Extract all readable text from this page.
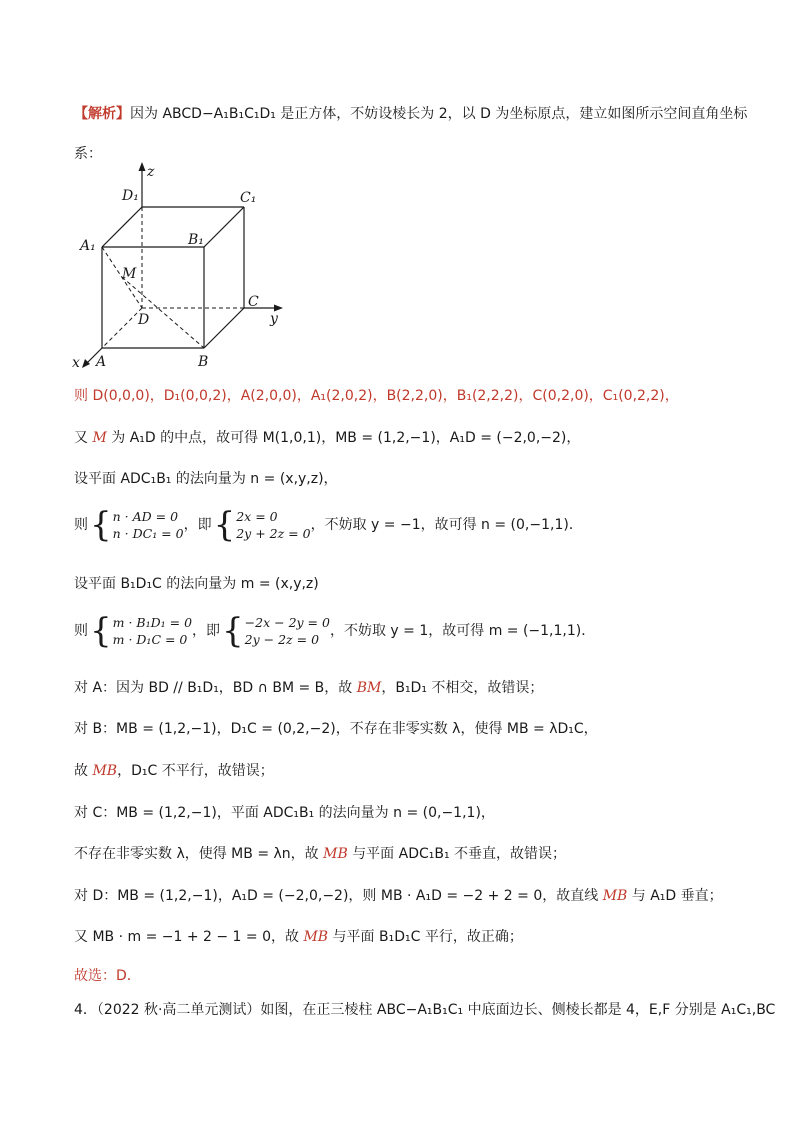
【解析】因为 ABCD−A₁B₁C₁D₁ 是正方体，不妨设棱长为 2，以 D 为坐标原点，建立如图所示空间直角坐标
系：
z
y
x
D₁	C₁
A₁	B₁
M
C
D
A	B
则 D(0,0,0)，D₁(0,0,2)，A(2,0,0)，A₁(2,0,2)，B(2,2,0)，B₁(2,2,2)，C(0,2,0)，C₁(0,2,2)，
又 M 为 A₁D 的中点，故可得 M(1,0,1)，MB = (1,2,−1)，A₁D = (−2,0,−2)，
设平面 ADC₁B₁ 的法向量为 n = (x,y,z)，
则{n · AD = 0
n · DC₁ = 0，即{2x = 0
2y + 2z = 0，不妨取 y = −1，故可得 n = (0,−1,1)．
设平面 B₁D₁C 的法向量为 m = (x,y,z)
则{m · B₁D₁ = 0
m · D₁C = 0，即{−2x − 2y = 0
2y − 2z = 0，不妨取 y = 1，故可得 m = (−1,1,1)．
对 A：因为 BD // B₁D₁，BD ∩ BM = B，故 BM，B₁D₁ 不相交，故错误；
对 B：MB = (1,2,−1)，D₁C = (0,2,−2)，不存在非零实数 λ，使得 MB = λD₁C，
故 MB，D₁C 不平行，故错误；
对 C：MB = (1,2,−1)，平面 ADC₁B₁ 的法向量为 n = (0,−1,1)，
不存在非零实数 λ，使得 MB = λn，故 MB 与平面 ADC₁B₁ 不垂直，故错误；
对 D：MB = (1,2,−1)，A₁D = (−2,0,−2)，则 MB · A₁D = −2 + 2 = 0，故直线 MB 与 A₁D 垂直；
又 MB · m = −1 + 2 − 1 = 0，故 MB 与平面 B₁D₁C 平行，故正确；
故选：D．
4．（2022 秋·高二单元测试）如图，在正三棱柱 ABC−A₁B₁C₁ 中底面边长、侧棱长都是 4，E,F 分别是 A₁C₁,BC
